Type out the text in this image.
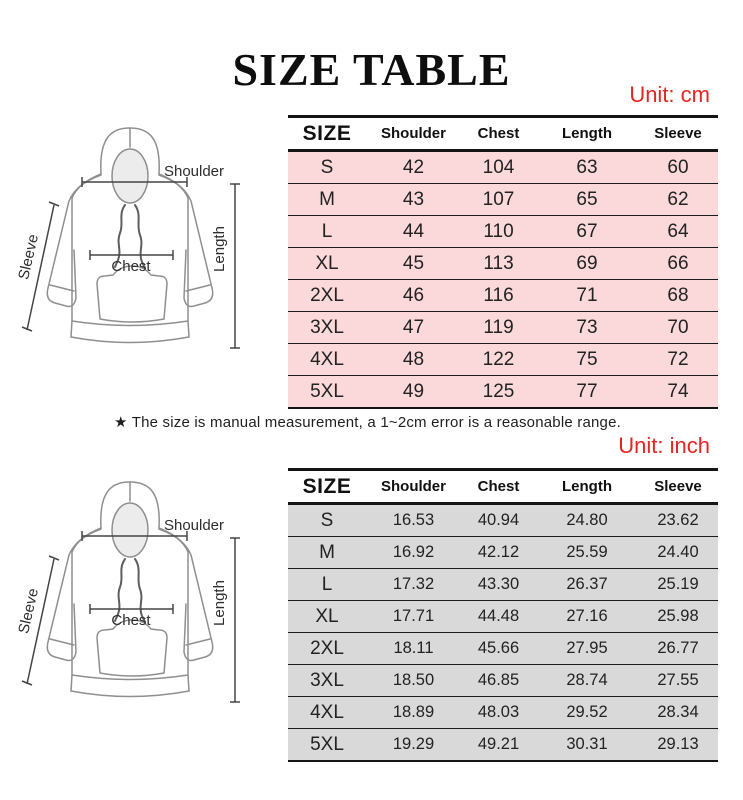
SIZE TABLE	Unit: cm
Unit: inch
SIZE	Shoulder	Chest	Length	Sleeve
S	42	104	63	60
M	43	107	65	62
L	44	110	67	64
XL	45	113	69	66
2XL	46	116	71	68
3XL	47	119	73	70
4XL	48	122	75	72
5XL	49	125	77	74
SIZE	Shoulder	Chest	Length	Sleeve
S	16.53	40.94	24.80	23.62
M	16.92	42.12	25.59	24.40
L	17.32	43.30	26.37	25.19
XL	17.71	44.48	27.16	25.98
2XL	18.11	45.66	27.95	26.77
3XL	18.50	46.85	28.74	27.55
4XL	18.89	48.03	29.52	28.34
5XL	19.29	49.21	30.31	29.13
★ The size is manual measurement, a 1~2cm error is a reasonable range.
Shoulder
Chest	Length
Sleeve
Shoulder
Chest	Length
Sleeve
